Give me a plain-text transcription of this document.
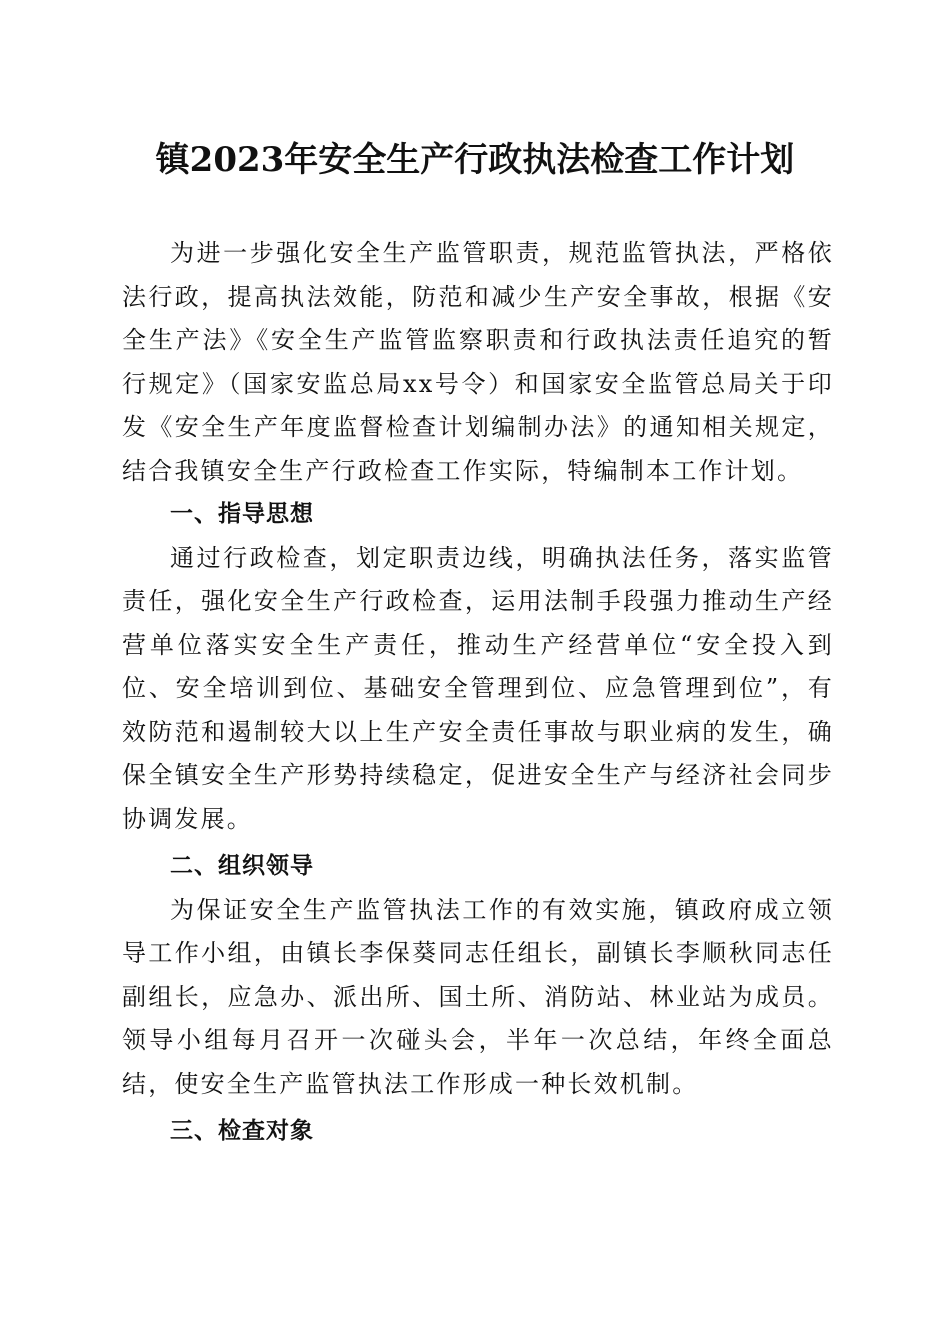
镇2023年安全生产行政执法检查工作计划

为进一步强化安全生产监管职责，规范监管执法，严格依法行政，提高执法效能，防范和减少生产安全事故，根据《安全生产法》《安全生产监管监察职责和行政执法责任追究的暂行规定》（国家安监总局xx号令）和国家安全监管总局关于印发《安全生产年度监督检查计划编制办法》的通知相关规定，结合我镇安全生产行政检查工作实际，特编制本工作计划。

一、指导思想

通过行政检查，划定职责边线，明确执法任务，落实监管责任，强化安全生产行政检查，运用法制手段强力推动生产经营单位落实安全生产责任，推动生产经营单位“安全投入到位、安全培训到位、基础安全管理到位、应急管理到位”，有效防范和遏制较大以上生产安全责任事故与职业病的发生，确保全镇安全生产形势持续稳定，促进安全生产与经济社会同步协调发展。

二、组织领导

为保证安全生产监管执法工作的有效实施，镇政府成立领导工作小组，由镇长李保葵同志任组长，副镇长李顺秋同志任副组长，应急办、派出所、国土所、消防站、林业站为成员。领导小组每月召开一次碰头会，半年一次总结，年终全面总结，使安全生产监管执法工作形成一种长效机制。

三、检查对象
